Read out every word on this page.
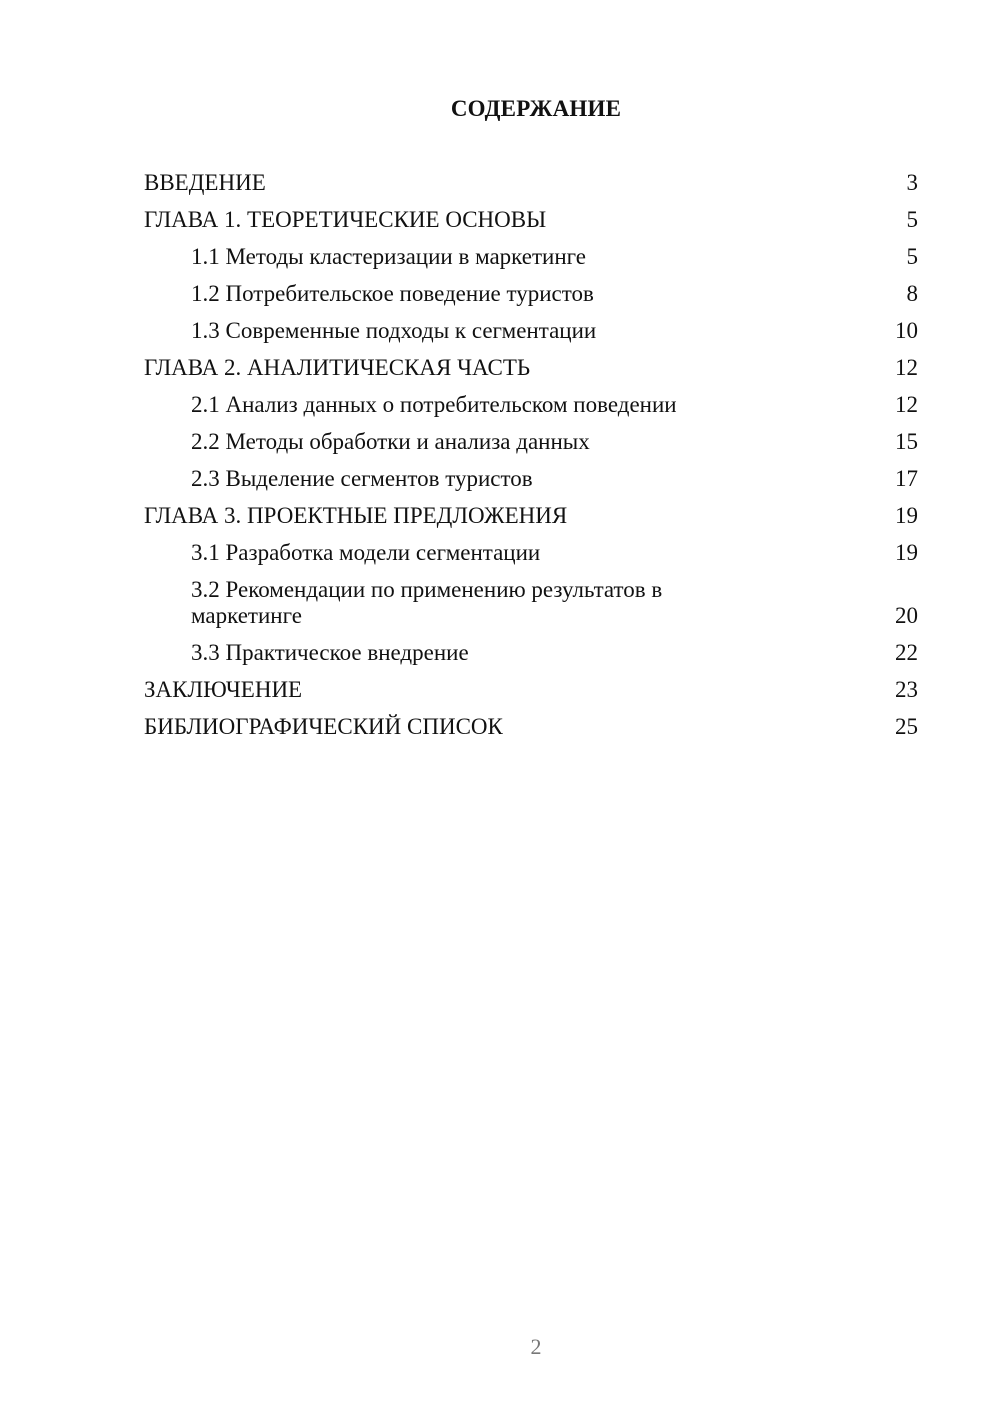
СОДЕРЖАНИЕ
ВВЕДЕНИЕ	3
ГЛАВА 1. ТЕОРЕТИЧЕСКИЕ ОСНОВЫ	5
1.1 Методы кластеризации в маркетинге	5
1.2 Потребительское поведение туристов	8
1.3 Современные подходы к сегментации	10
ГЛАВА 2. АНАЛИТИЧЕСКАЯ ЧАСТЬ	12
2.1 Анализ данных о потребительском поведении	12
2.2 Методы обработки и анализа данных	15
2.3 Выделение сегментов туристов	17
ГЛАВА 3. ПРОЕКТНЫЕ ПРЕДЛОЖЕНИЯ	19
3.1 Разработка модели сегментации	19
3.2 Рекомендации по применению результатов в маркетинге	20
3.3 Практическое внедрение	22
ЗАКЛЮЧЕНИЕ	23
БИБЛИОГРАФИЧЕСКИЙ СПИСОК	25
2
